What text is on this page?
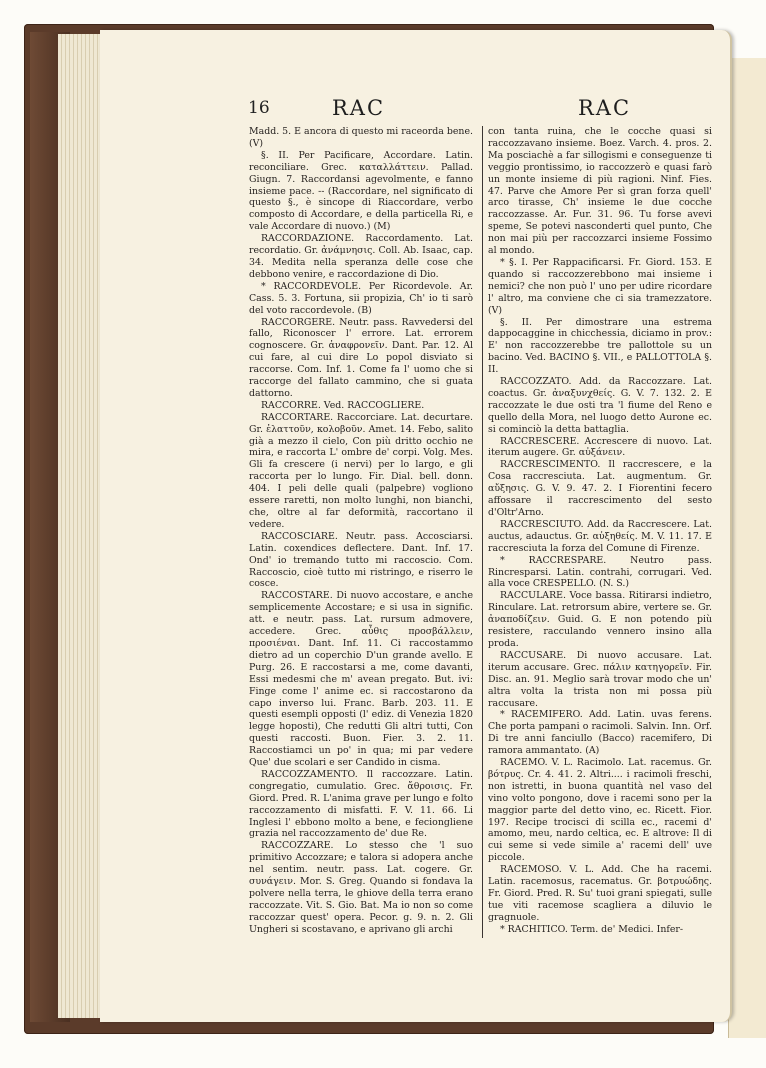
16	RAC	RAC

Madd. 5. E ancora di questo mi raceorda bene. (V)

§. II. Per Pacificare, Accordare. Latin. reconciliare. Grec. καταλλάττειν. Pallad. Giugn. 7. Raccordansi agevolmente, e fanno insieme pace. -- (Raccordare, nel significato di questo §., è sincope di Riaccordare, verbo composto di Accordare, e della particella Ri, e vale Accordare di nuovo.) (M)

RACCORDAZIONE. Raccordamento. Lat. recordatio. Gr. ἀνάμνησις. Coll. Ab. Isaac, cap. 34. Medita nella speranza delle cose che debbono venire, e raccordazione di Dio.

* RACCORDEVOLE. Per Ricordevole. Ar. Cass. 5. 3. Fortuna, sii propizia, Ch' io ti sarò del voto raccordevole. (B)

RACCORGERE. Neutr. pass. Ravvedersi del fallo, Riconoscer l' errore. Lat. errorem cognoscere. Gr. ἀναφρονεῖν. Dant. Par. 12. Al cui fare, al cui dire Lo popol disviato si raccorse. Com. Inf. 1. Come fa l' uomo che si raccorge del fallato cammino, che si guata dattorno.

RACCORRE. Ved. RACCOGLIERE.

RACCORTARE. Raccorciare. Lat. decurtare. Gr. ἐλαττοῦν, κολοβοῦν. Amet. 14. Febo, salito già a mezzo il cielo, Con più dritto occhio ne mira, e raccorta L' ombre de' corpi. Volg. Mes. Gli fa crescere (i nervi) per lo largo, e gli raccorta per lo lungo. Fir. Dial. bell. donn. 404. I peli delle quali (palpebre) vogliono essere raretti, non molto lunghi, non bianchi, che, oltre al far deformità, raccortano il vedere.

RACCOSCIARE. Neutr. pass. Accosciarsi. Latin. coxendices deflectere. Dant. Inf. 17. Ond' io tremando tutto mi raccoscio. Com. Raccoscio, cioè tutto mi ristringo, e riserro le cosce.

RACCOSTARE. Di nuovo accostare, e anche semplicemente Accostare; e si usa in signific. att. e neutr. pass. Lat. rursum admovere, accedere. Grec. αὖθις προσβάλλειν, προσιέναι. Dant. Inf. 11. Ci raccostammo dietro ad un coperchio D'un grande avello. E Purg. 26. E raccostarsi a me, come davanti, Essi medesmi che m' avean pregato. But. ivi: Finge come l' anime ec. si raccostarono da capo inverso lui. Franc. Barb. 203. 11. E questi esempli opposti (l' ediz. di Venezia 1820 legge hoposti), Che redutti Gli altri tutti, Con questi raccosti. Buon. Fier. 3. 2. 11. Raccostiamci un po' in qua; mi par vedere Que' due scolari e ser Candido in cisma.

RACCOZZAMENTO. Il raccozzare. Latin. congregatio, cumulatio. Grec. ἄθροισις. Fr. Giord. Pred. R. L'anima grave per lungo e folto raccozzamento di misfatti. F. V. 11. 66. Li Inglesi l' ebbono molto a bene, e feciongliene grazia nel raccozzamento de' due Re.

RACCOZZARE. Lo stesso che 'l suo primitivo Accozzare; e talora si adopera anche nel sentim. neutr. pass. Lat. cogere. Gr. συνάγειν. Mor. S. Greg. Quando si fondava la polvere nella terra, le ghiove della terra erano raccozzate. Vit. S. Gio. Bat. Ma io non so come raccozzar quest' opera. Pecor. g. 9. n. 2. Gli Ungheri si scostavano, e aprivano gli archi

con tanta ruina, che le cocche quasi si raccozzavano insieme. Boez. Varch. 4. pros. 2. Ma posciachè a far sillogismi e conseguenze ti veggio prontissimo, io raccozzerò e quasi farò un monte insieme di più ragioni. Ninf. Fies. 47. Parve che Amore Per sì gran forza quell' arco tirasse, Ch' insieme le due cocche raccozzasse. Ar. Fur. 31. 96. Tu forse avevi speme, Se potevi nasconderti quel punto, Che non mai più per raccozzarci insieme Fossimo al mondo.

* §. I. Per Rappacificarsi. Fr. Giord. 153. E quando si raccozzerebbono mai insieme i nemici? che non può l' uno per udire ricordare l' altro, ma conviene che ci sia tramezzatore. (V)

§. II. Per dimostrare una estrema dappocaggine in chicchessia, diciamo in prov.: E' non raccozzerebbe tre pallottole su un bacino. Ved. BACINO §. VII., e PALLOTTOLA §. II.

RACCOZZATO. Add. da Raccozzare. Lat. coactus. Gr. ἀναξυνχθείς. G. V. 7. 132. 2. E raccozzate le due osti tra 'l fiume del Reno e quello della Mora, nel luogo detto Aurone ec. si cominciò la detta battaglia.

RACCRESCERE. Accrescere di nuovo. Lat. iterum augere. Gr. αὐξάνειν.

RACCRESCIMENTO. Il raccrescere, e la Cosa raccresciuta. Lat. augmentum. Gr. αὔξησις. G. V. 9. 47. 2. I Fiorentini fecero affossare il raccrescimento del sesto d'Oltr'Arno.

RACCRESCIUTO. Add. da Raccrescere. Lat. auctus, adauctus. Gr. αὐξηθείς. M. V. 11. 17. E raccresciuta la forza del Comune di Firenze.

* RACCRESPARE. Neutro pass. Rincresparsi. Latin. contrahi, corrugari. Ved. alla voce CRESPELLO. (N. S.)

RACCULARE. Voce bassa. Ritirarsi indietro, Rinculare. Lat. retrorsum abire, vertere se. Gr. ἀναποδίζειν. Guid. G. E non potendo più resistere, racculando vennero insino alla proda.

RACCUSARE. Di nuovo accusare. Lat. iterum accusare. Grec. πάλιν κατηγορεῖν. Fir. Disc. an. 91. Meglio sarà trovar modo che un' altra volta la trista non mi possa più raccusare.

* RACEMIFERO. Add. Latin. uvas ferens. Che porta pampani o racimoli. Salvin. Inn. Orf. Di tre anni fanciullo (Bacco) racemifero, Di ramora ammantato. (A)

RACEMO. V. L. Racimolo. Lat. racemus. Gr. βότρυς. Cr. 4. 41. 2. Altri.... i racimoli freschi, non istretti, in buona quantità nel vaso del vino volto pongono, dove i racemi sono per la maggior parte del detto vino, ec. Ricett. Fior. 197. Recipe trocisci di scilla ec., racemi d' amomo, meu, nardo celtica, ec. E altrove: Il di cui seme si vede simile a' racemi dell' uve piccole.

RACEMOSO. V. L. Add. Che ha racemi. Latin. racemosus, racematus. Gr. βοτρυώδης. Fr. Giord. Pred. R. Su' tuoi grani spiegati, sulle tue viti racemose scagliera a diluvio le gragnuole.

* RACHITICO. Term. de' Medici. Infer-
